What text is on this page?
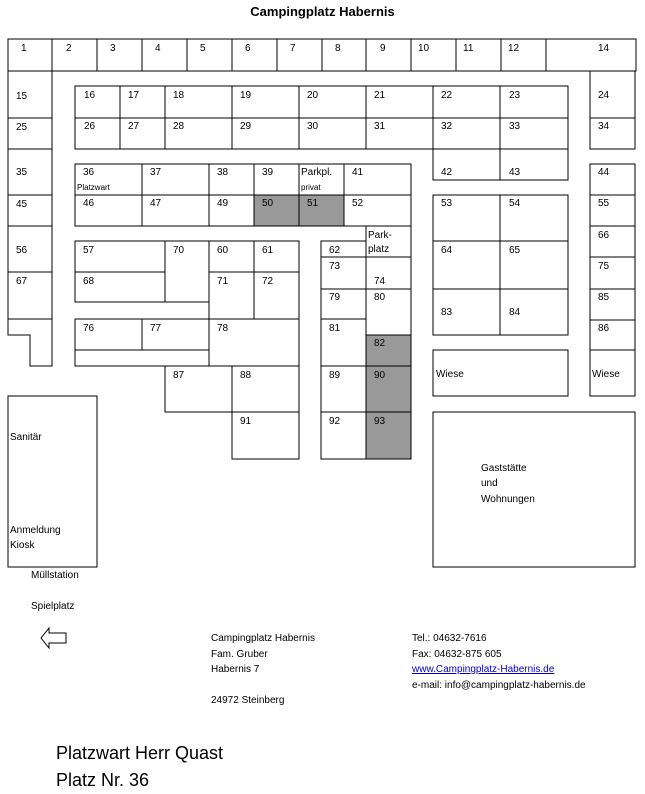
Campingplatz Habernis
1	2	3	4	5	6	7	8	9	10	11	12	14
15
25
35
45
56
67
16	17	18	19	20	21	22	23	24
26	27	28	29	30	31	32	33	34
42	43	44
36	37	38	39	41
46	47	49	50	51	52	53	54	55
66
75
85
86
57	70	60	61	62	64	65
73
68	71	72	74
79	80
83	84
76	77	78	81
82
87	88	89	90
91	92	93
Platzwart
Parkpl.
privat
Park-
platz
Wiese	Wiese
Sanitär
Anmeldung
Kiosk
Gaststätte
und
Wohnungen
Müllstation
Spielplatz
Campingplatz Habernis
Fam. Gruber
Habernis 7
24972 Steinberg
Tel.: 04632-7616
Fax: 04632-875 605
www.Campingplatz-Habernis.de
e-mail: info@campingplatz-habernis.de
Platzwart Herr Quast
Platz Nr. 36
